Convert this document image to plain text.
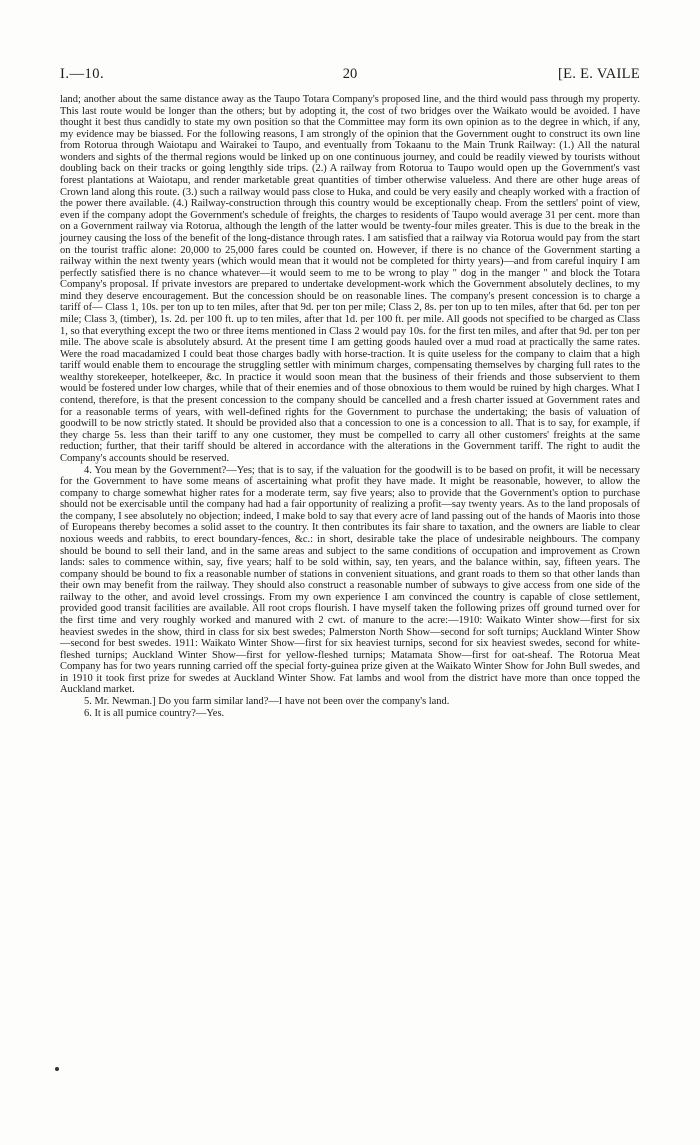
I.—10.	20	[E. E. VAILE

land; another about the same distance away as the Taupo Totara Company's proposed line, and the third would pass through my property. This last route would be longer than the others; but by adopting it, the cost of two bridges over the Waikato would be avoided. I have thought it best thus candidly to state my own position so that the Committee may form its own opinion as to the degree in which, if any, my evidence may be biassed. For the following reasons, I am strongly of the opinion that the Government ought to construct its own line from Rotorua through Waiotapu and Wairakei to Taupo, and eventually from Tokaanu to the Main Trunk Railway: (1.) All the natural wonders and sights of the thermal regions would be linked up on one continuous journey, and could be readily viewed by tourists without doubling back on their tracks or going lengthly side trips. (2.) A railway from Rotorua to Taupo would open up the Government's vast forest plantations at Waiotapu, and render marketable great quantities of timber otherwise valueless. And there are other huge areas of Crown land along this route. (3.) such a railway would pass close to Huka, and could be very easily and cheaply worked with a fraction of the power there available. (4.) Railway-construction through this country would be exceptionally cheap. From the settlers' point of view, even if the company adopt the Government's schedule of freights, the charges to residents of Taupo would average 31 per cent. more than on a Government railway via Rotorua, although the length of the latter would be twenty-four miles greater. This is due to the break in the journey causing the loss of the benefit of the long-distance through rates. I am satisfied that a railway via Rotorua would pay from the start on the tourist traffic alone: 20,000 to 25,000 fares could be counted on. However, if there is no chance of the Government starting a railway within the next twenty years (which would mean that it would not be completed for thirty years)—and from careful inquiry I am perfectly satisfied there is no chance whatever—it would seem to me to be wrong to play " dog in the manger " and block the Totara Company's proposal. If private investors are prepared to undertake development-work which the Government absolutely declines, to my mind they deserve encouragement. But the concession should be on reasonable lines. The company's present concession is to charge a tariff of— Class 1, 10s. per ton up to ten miles, after that 9d. per ton per mile; Class 2, 8s. per ton up to ten miles, after that 6d. per ton per mile; Class 3, (timber), 1s. 2d. per 100 ft. up to ten miles, after that 1d. per 100 ft. per mile. All goods not specified to be charged as Class 1, so that everything except the two or three items mentioned in Class 2 would pay 10s. for the first ten miles, and after that 9d. per ton per mile. The above scale is absolutely absurd. At the present time I am getting goods hauled over a mud road at practically the same rates. Were the road macadamized I could beat those charges badly with horse-traction. It is quite useless for the company to claim that a high tariff would enable them to encourage the struggling settler with minimum charges, compensating themselves by charging full rates to the wealthy storekeeper, hotelkeeper, &c. In practice it would soon mean that the business of their friends and those subservient to them would be fostered under low charges, while that of their enemies and of those obnoxious to them would be ruined by high charges. What I contend, therefore, is that the present concession to the company should be cancelled and a fresh charter issued at Government rates and for a reasonable terms of years, with well-defined rights for the Government to purchase the undertaking; the basis of valuation of goodwill to be now strictly stated. It should be provided also that a concession to one is a concession to all. That is to say, for example, if they charge 5s. less than their tariff to any one customer, they must be compelled to carry all other customers' freights at the same reduction; further, that their tariff should be altered in accordance with the alterations in the Government tariff. The right to audit the Company's accounts should be reserved.

4. You mean by the Government?—Yes; that is to say, if the valuation for the goodwill is to be based on profit, it will be necessary for the Government to have some means of ascertaining what profit they have made. It might be reasonable, however, to allow the company to charge somewhat higher rates for a moderate term, say five years; also to provide that the Government's option to purchase should not be exercisable until the company had had a fair opportunity of realizing a profit—say twenty years. As to the land proposals of the company, I see absolutely no objection; indeed, I make bold to say that every acre of land passing out of the hands of Maoris into those of Europeans thereby becomes a solid asset to the country. It then contributes its fair share to taxation, and the owners are liable to clear noxious weeds and rabbits, to erect boundary-fences, &c.: in short, desirable take the place of undesirable neighbours. The company should be bound to sell their land, and in the same areas and subject to the same conditions of occupation and improvement as Crown lands: sales to commence within, say, five years; half to be sold within, say, ten years, and the balance within, say, fifteen years. The company should be bound to fix a reasonable number of stations in convenient situations, and grant roads to them so that other lands than their own may benefit from the railway. They should also construct a reasonable number of subways to give access from one side of the railway to the other, and avoid level crossings. From my own experience I am convinced the country is capable of close settlement, provided good transit facilities are available. All root crops flourish. I have myself taken the following prizes off ground turned over for the first time and very roughly worked and manured with 2 cwt. of manure to the acre:—1910: Waikato Winter show—first for six heaviest swedes in the show, third in class for six best swedes; Palmerston North Show—second for soft turnips; Auckland Winter Show—second for best swedes. 1911: Waikato Winter Show—first for six heaviest turnips, second for six heaviest swedes, second for white-fleshed turnips; Auckland Winter Show—first for yellow-fleshed turnips; Matamata Show—first for oat-sheaf. The Rotorua Meat Company has for two years running carried off the special forty-guinea prize given at the Waikato Winter Show for John Bull swedes, and in 1910 it took first prize for swedes at Auckland Winter Show. Fat lambs and wool from the district have more than once topped the Auckland market.

5. Mr. Newman.] Do you farm similar land?—I have not been over the company's land.

6. It is all pumice country?—Yes.
